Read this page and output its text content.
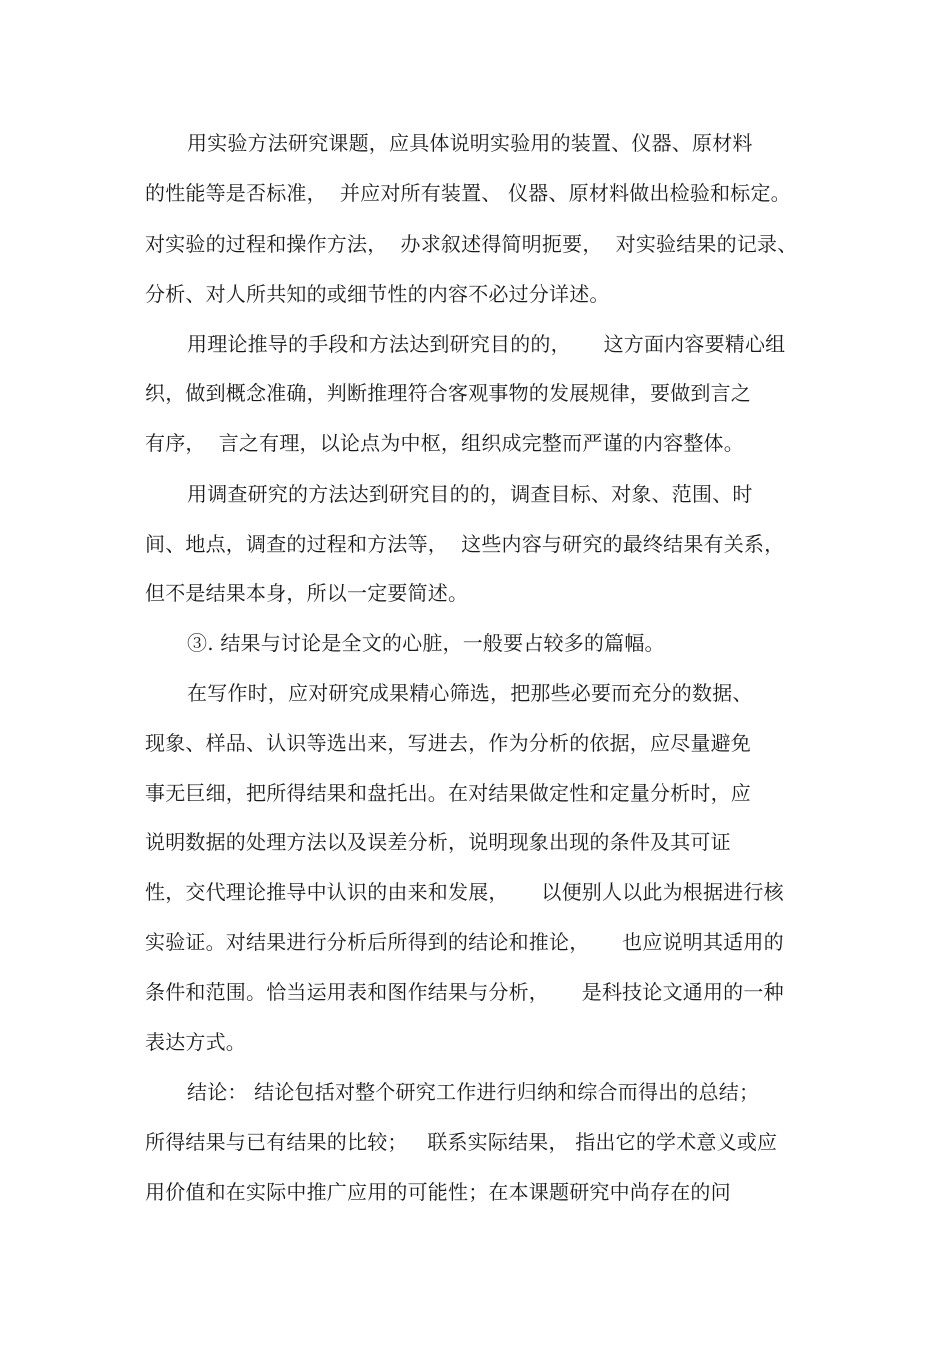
用实验方法研究课题，应具体说明实验用的装置、仪器、原材料
的性能等是否标准，  并应对所有装置、 仪器、原材料做出检验和标定。
对实验的过程和操作方法，  办求叙述得简明扼要，  对实验结果的记录、
分析、对人所共知的或细节性的内容不必过分详述。
用理论推导的手段和方法达到研究目的的，     这方面内容要精心组
织，做到概念准确，判断推理符合客观事物的发展规律，要做到言之
有序，  言之有理，以论点为中枢，组织成完整而严谨的内容整体。
用调查研究的方法达到研究目的的，调查目标、对象、范围、时
间、地点，调查的过程和方法等，  这些内容与研究的最终结果有关系，
但不是结果本身，所以一定要简述。
③. 结果与讨论是全文的心脏，一般要占较多的篇幅。
在写作时，应对研究成果精心筛选，把那些必要而充分的数据、
现象、样品、认识等选出来，写进去，作为分析的依据，应尽量避免
事无巨细，把所得结果和盘托出。在对结果做定性和定量分析时，应
说明数据的处理方法以及误差分析，说明现象出现的条件及其可证
性，交代理论推导中认识的由来和发展，     以便别人以此为根据进行核
实验证。对结果进行分析后所得到的结论和推论，     也应说明其适用的
条件和范围。恰当运用表和图作结果与分析，     是科技论文通用的一种
表达方式。
结论： 结论包括对整个研究工作进行归纳和综合而得出的总结；
所得结果与已有结果的比较；   联系实际结果， 指出它的学术意义或应
用价值和在实际中推广应用的可能性；在本课题研究中尚存在的问
